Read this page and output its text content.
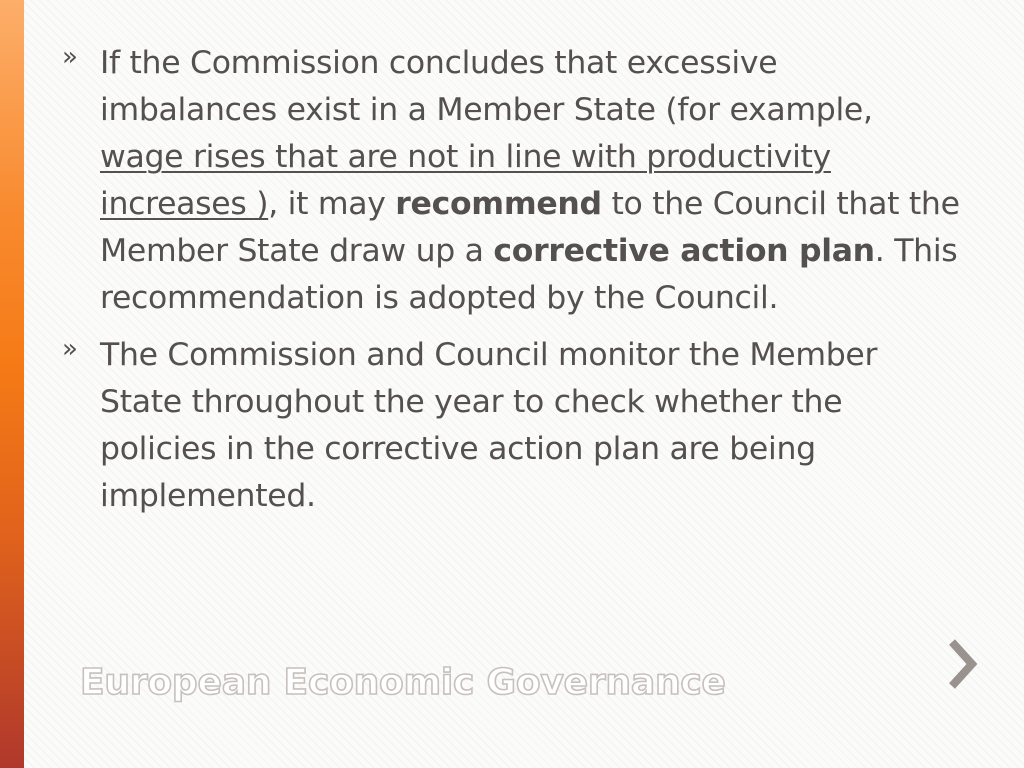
» If the Commission concludes that excessive imbalances exist in a Member State (for example, wage rises that are not in line with productivity increases ), it may recommend to the Council that the Member State draw up a corrective action plan. This recommendation is adopted by the Council.
» The Commission and Council monitor the Member State throughout the year to check whether the policies in the corrective action plan are being implemented.
European Economic Governance
